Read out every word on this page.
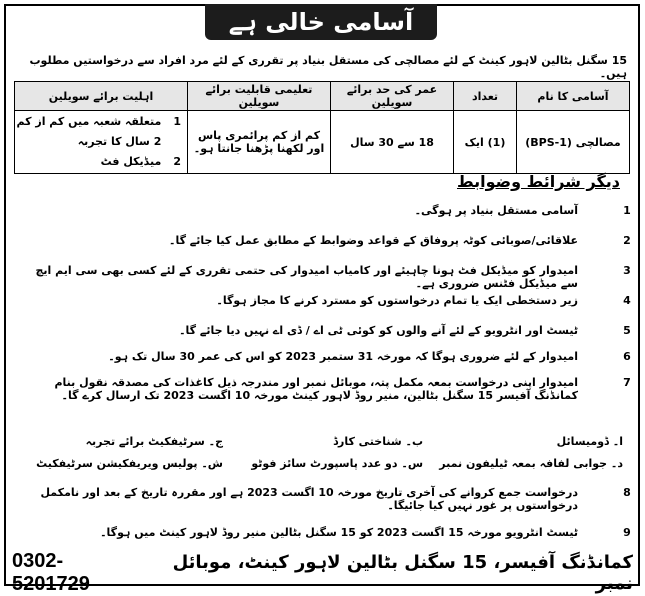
آسامی خالی ہے
15 سگنل بٹالین لاہور کینٹ کے لئے مصالچی کی مستقل بنیاد پر تقرری کے لئے مرد افراد سے درخواستیں مطلوب ہیں۔
آسامی کا نام	تعداد	عمر کی حد برائے سویلین	تعلیمی قابلیت برائے سویلین	اہلیت برائے سویلین
مصالچی (BPS-1)	(1) ایک	18 سے 30 سال	کم از کم پرائمری پاس اور لکھنا پڑھنا جانتا ہو۔	1
متعلقہ شعبہ میں کم از کم 2 سال کا تجربہ
2
میڈیکل فٹ
دیگر شرائط وضوابط
1
آسامی مستقل بنیاد پر ہوگی۔
2
علاقائی/صوبائی کوٹہ پروفاق کے قواعد وضوابط کے مطابق عمل کیا جائے گا۔
3
امیدوار کو میڈیکل فٹ ہونا چاہیئے اور کامیاب امیدوار کی حتمی تقرری کے لئے کسی بھی سی ایم ایچ سے میڈیکل فٹنس ضروری ہے۔
4
زیر دستخطی ایک یا تمام درخواستوں کو مسترد کرنے کا مجاز ہوگا۔
5
ٹیسٹ اور انٹرویو کے لئے آنے والوں کو کوئی ٹی اے / ڈی اے نہیں دیا جائے گا۔
6
امیدوار کے لئے ضروری ہوگا کہ مورخہ 31 ستمبر 2023 کو اس کی عمر 30 سال تک ہو۔
7
امیدوار اپنی درخواست بمعہ مکمل پتہ، موبائل نمبر اور مندرجہ ذیل کاغذات کی مصدقہ نقول بنام کمانڈنگ آفیسر 15 سگنل بٹالین، منیر روڈ لاہور کینٹ مورخہ 10 اگست 2023 تک ارسال کرے گا۔
8
درخواست جمع کروانے کی آخری تاریخ مورخہ 10 اگست 2023 ہے اور مقررہ تاریخ کے بعد اور نامکمل درخواستوں پر غور نہیں کیا جائیگا۔
9
ٹیسٹ انٹرویو مورخہ 15 اگست 2023 کو 15 سگنل بٹالین منیر روڈ لاہور کینٹ میں ہوگا۔
ا۔ ڈومیسائل
ب۔ شناختی کارڈ
ج۔ سرٹیفکیٹ برائے تجربہ
د۔ جوابی لفافہ بمعہ ٹیلیفون نمبر
س۔ دو عدد پاسپورٹ سائز فوٹو
ش۔ پولیس ویریفکیشن سرٹیفکیٹ
0302-5201729
کمانڈنگ آفیسر، 15 سگنل بٹالین لاہور کینٹ، موبائل نمبر
